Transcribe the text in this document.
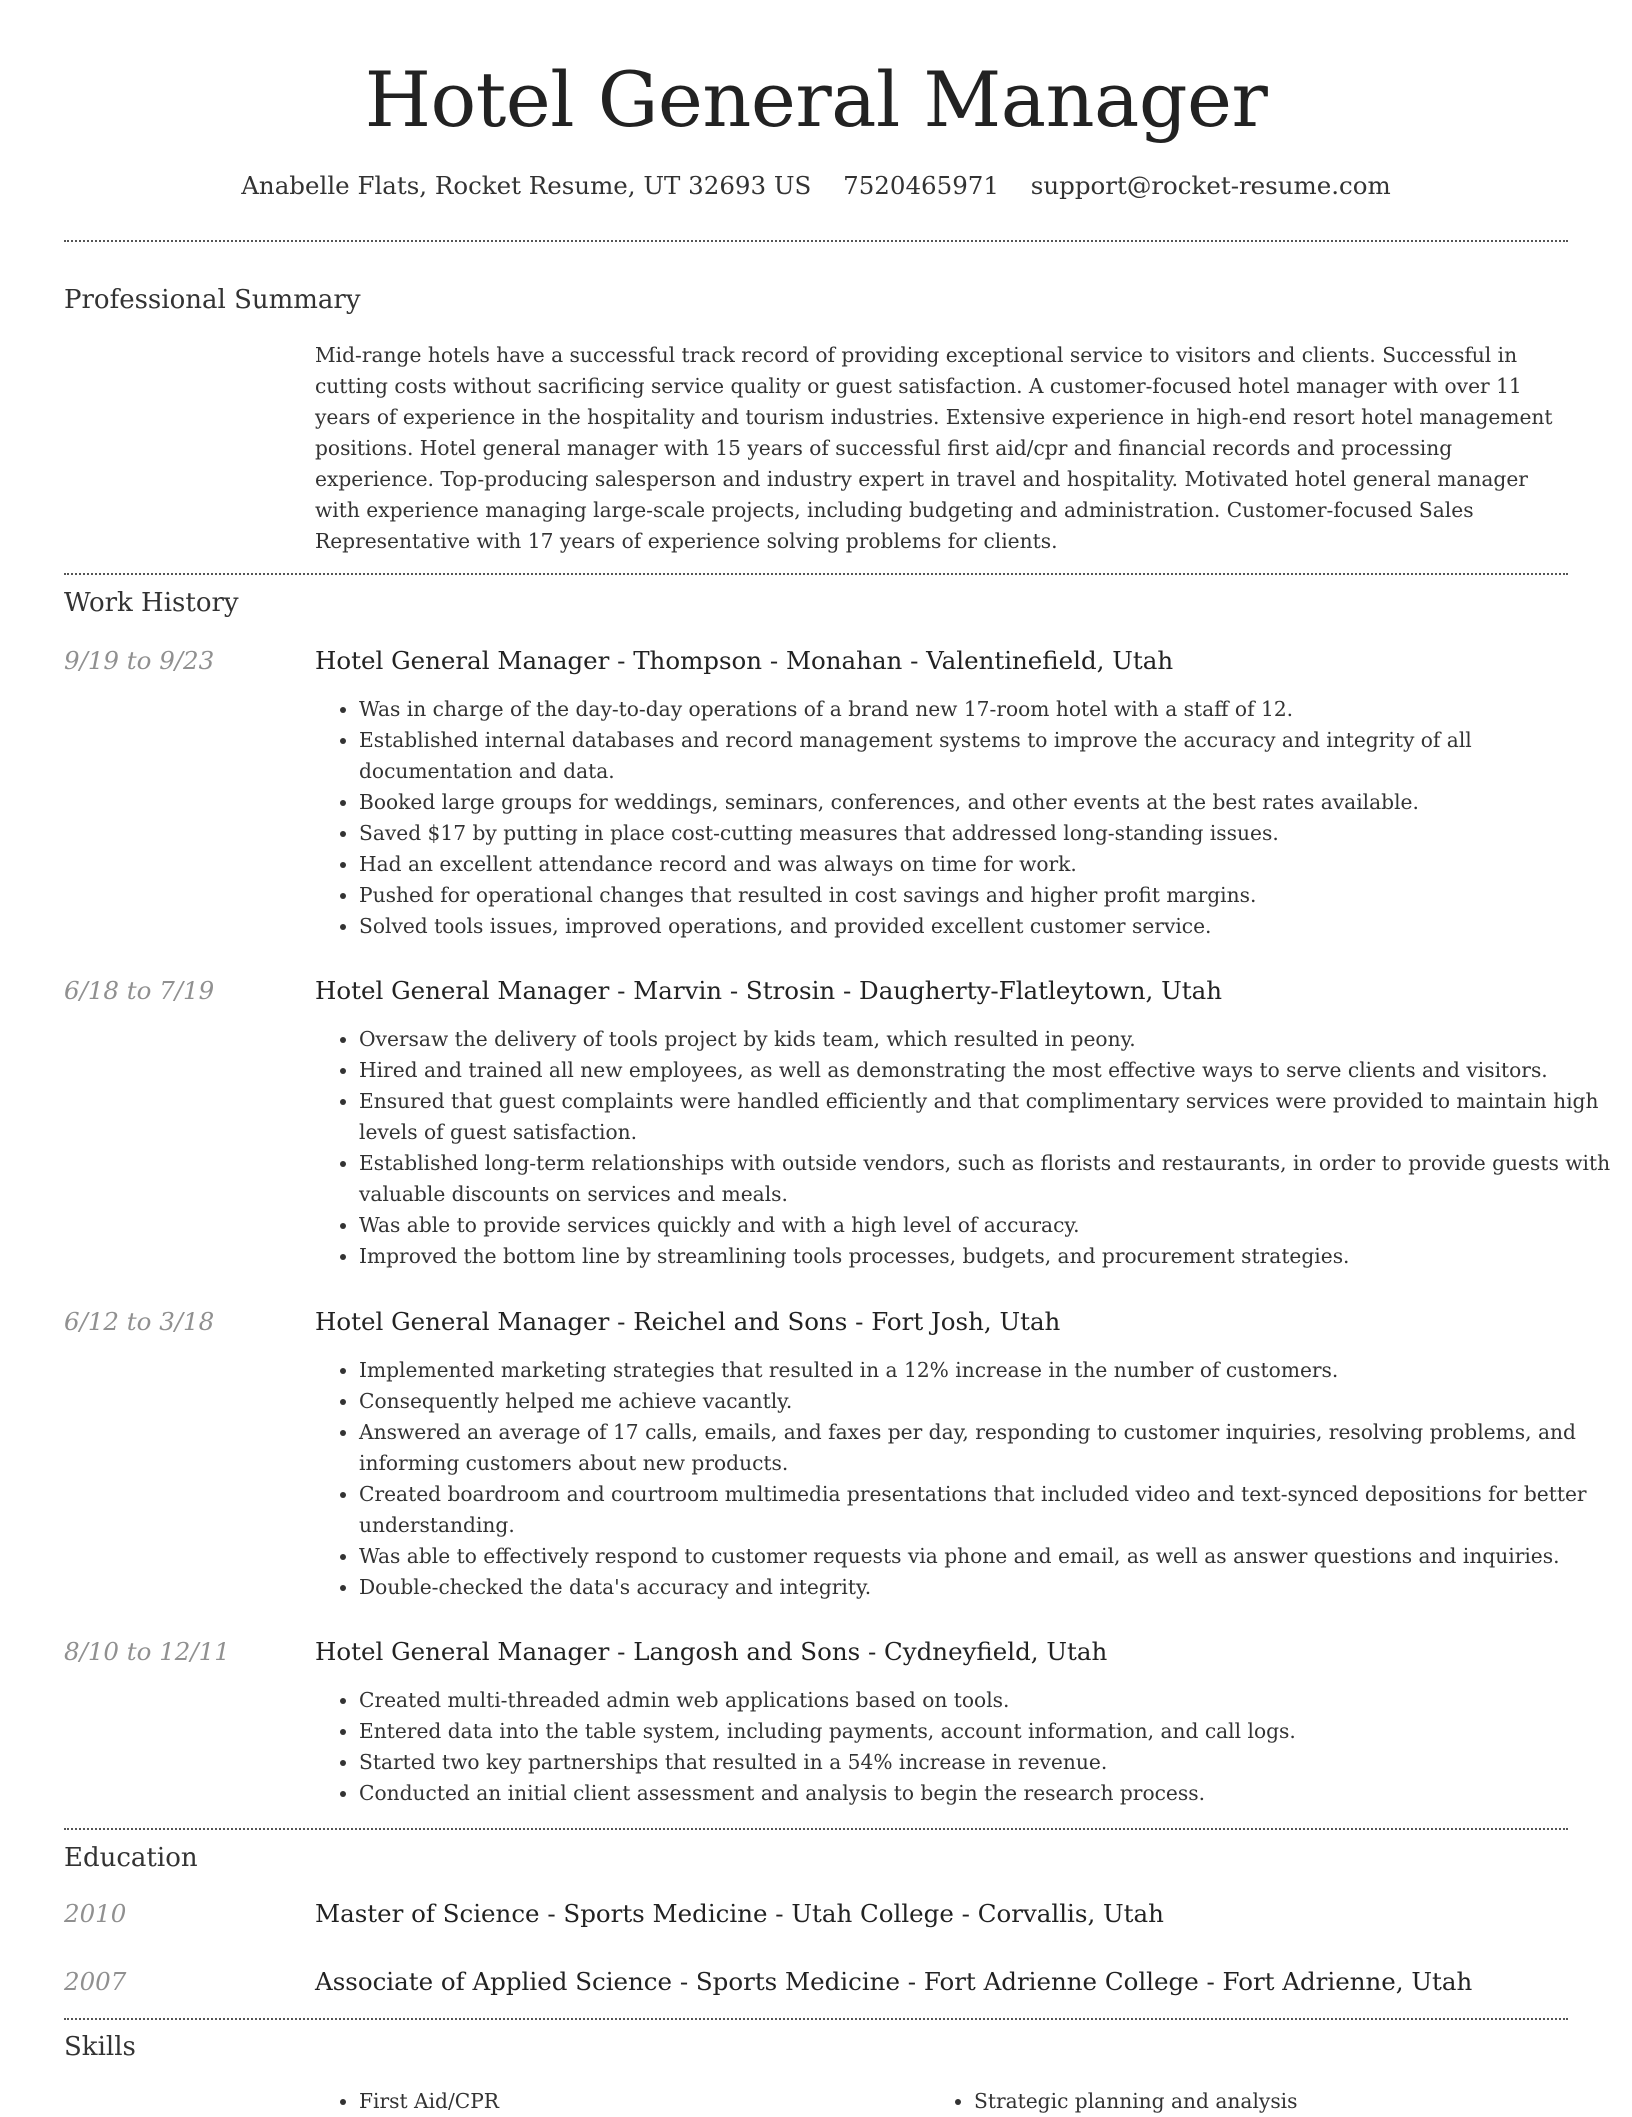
Hotel General Manager
Anabelle Flats, Rocket Resume, UT 32693 US 7520465971 support@rocket-resume.com
Professional Summary

Mid-range hotels have a successful track record of providing exceptional service to visitors and clients. Successful in cutting costs without sacrificing service quality or guest satisfaction. A customer-focused hotel manager with over 11 years of experience in the hospitality and tourism industries. Extensive experience in high-end resort hotel management positions. Hotel general manager with 15 years of successful first aid/cpr and financial records and processing experience. Top-producing salesperson and industry expert in travel and hospitality. Motivated hotel general manager with experience managing large-scale projects, including budgeting and administration. Customer-focused Sales Representative with 17 years of experience solving problems for clients.

Work History
9/19 to 9/23	Hotel General Manager - Thompson - Monahan - Valentinefield, Utah
• Was in charge of the day-to-day operations of a brand new 17-room hotel with a staff of 12.
• Established internal databases and record management systems to improve the accuracy and integrity of all documentation and data.
• Booked large groups for weddings, seminars, conferences, and other events at the best rates available.
• Saved $17 by putting in place cost-cutting measures that addressed long-standing issues.
• Had an excellent attendance record and was always on time for work.
• Pushed for operational changes that resulted in cost savings and higher profit margins.
• Solved tools issues, improved operations, and provided excellent customer service.
6/18 to 7/19	Hotel General Manager - Marvin - Strosin - Daugherty-Flatleytown, Utah
• Oversaw the delivery of tools project by kids team, which resulted in peony.
• Hired and trained all new employees, as well as demonstrating the most effective ways to serve clients and visitors.
• Ensured that guest complaints were handled efficiently and that complimentary services were provided to maintain high levels of guest satisfaction.
• Established long-term relationships with outside vendors, such as florists and restaurants, in order to provide guests with valuable discounts on services and meals.
• Was able to provide services quickly and with a high level of accuracy.
• Improved the bottom line by streamlining tools processes, budgets, and procurement strategies.
6/12 to 3/18	Hotel General Manager - Reichel and Sons - Fort Josh, Utah
• Implemented marketing strategies that resulted in a 12% increase in the number of customers.
• Consequently helped me achieve vacantly.
• Answered an average of 17 calls, emails, and faxes per day, responding to customer inquiries, resolving problems, and informing customers about new products.
• Created boardroom and courtroom multimedia presentations that included video and text-synced depositions for better understanding.
• Was able to effectively respond to customer requests via phone and email, as well as answer questions and inquiries.
• Double-checked the data's accuracy and integrity.
8/10 to 12/11	Hotel General Manager - Langosh and Sons - Cydneyfield, Utah
• Created multi-threaded admin web applications based on tools.
• Entered data into the table system, including payments, account information, and call logs.
• Started two key partnerships that resulted in a 54% increase in revenue.
• Conducted an initial client assessment and analysis to begin the research process.
Education
2010	Master of Science - Sports Medicine - Utah College - Corvallis, Utah
2007	Associate of Applied Science - Sports Medicine - Fort Adrienne College - Fort Adrienne, Utah
Skills
• First Aid/CPR
•	Strategic planning and analysis
